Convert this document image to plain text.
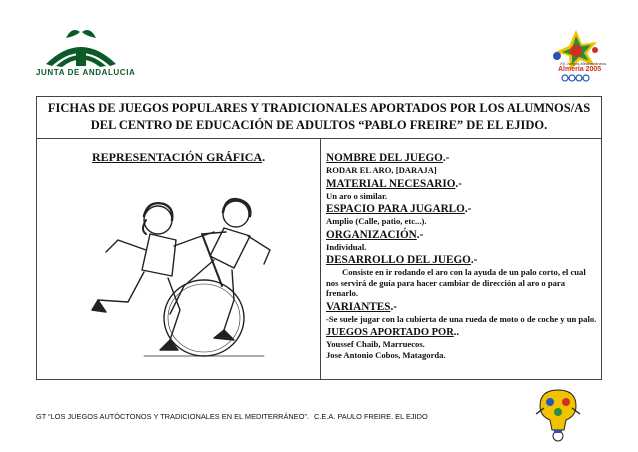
JUNTA DE ANDALUCIA
XV Juegos Mediterráneos
Almería 2005
FICHAS DE JUEGOS POPULARES Y TRADICIONALES APORTADOS POR LOS ALUMNOS/AS
DEL CENTRO DE EDUCACIÓN DE ADULTOS “PABLO FREIRE” DE EL EJIDO.
REPRESENTACIÓN GRÁFICA.	NOMBRE DEL JUEGO.-
RODAR EL ARO, [DARAJA]
MATERIAL NECESARIO.-
Un aro o similar.
ESPACIO PARA JUGARLO.-
Amplio (Calle, patio, etc...).
ORGANIZACIÓN.-
Individual.
DESARROLLO DEL JUEGO.-
Consiste en ir rodando el aro con la ayuda de un palo corto, el cual nos servirá de guía para hacer cambiar de dirección al aro o para frenarlo.
VARIANTES.-
-Se suele jugar con la cubierta de una rueda de moto o de coche y un palo.
JUEGOS APORTADO POR..
Youssef Chaib, Marruecos.
Jose Antonio Cobos, Matagorda.
GT “LOS JUEGOS AUTÓCTONOS Y TRADICIONALES EN EL MEDITERRÁNEO”. C.E.A. PAULO FREIRE. EL EJIDO
